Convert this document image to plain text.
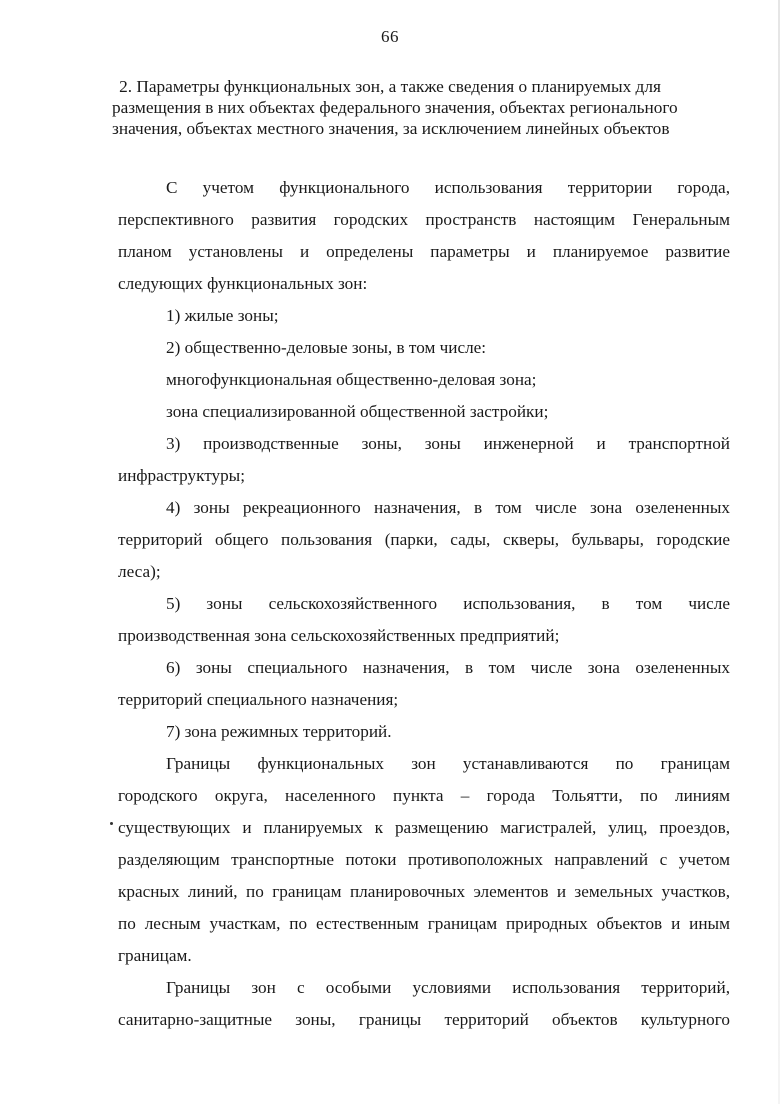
66
2. Параметры функциональных зон, а также сведения о планируемых для
размещения в них объектах федерального значения, объектах регионального
значения, объектах местного значения, за исключением линейных объектов
С учетом функционального использования территории города,
перспективного развития городских пространств настоящим Генеральным
планом установлены и определены параметры и планируемое развитие
следующих функциональных зон:
1) жилые зоны;
2) общественно-деловые зоны, в том числе:
многофункциональная общественно-деловая зона;
зона специализированной общественной застройки;
3) производственные зоны, зоны инженерной и транспортной
инфраструктуры;
4) зоны рекреационного назначения, в том числе зона озелененных
территорий общего пользования (парки, сады, скверы, бульвары, городские
леса);
5) зоны сельскохозяйственного использования, в том числе
производственная зона сельскохозяйственных предприятий;
6) зоны специального назначения, в том числе зона озелененных
территорий специального назначения;
7) зона режимных территорий.
Границы функциональных зон устанавливаются по границам
городского округа, населенного пункта – города Тольятти, по линиям
существующих и планируемых к размещению магистралей, улиц, проездов,
разделяющим транспортные потоки противоположных направлений с учетом
красных линий, по границам планировочных элементов и земельных участков,
по лесным участкам, по естественным границам природных объектов и иным
границам.
Границы зон с особыми условиями использования территорий,
санитарно-защитные зоны, границы территорий объектов культурного
